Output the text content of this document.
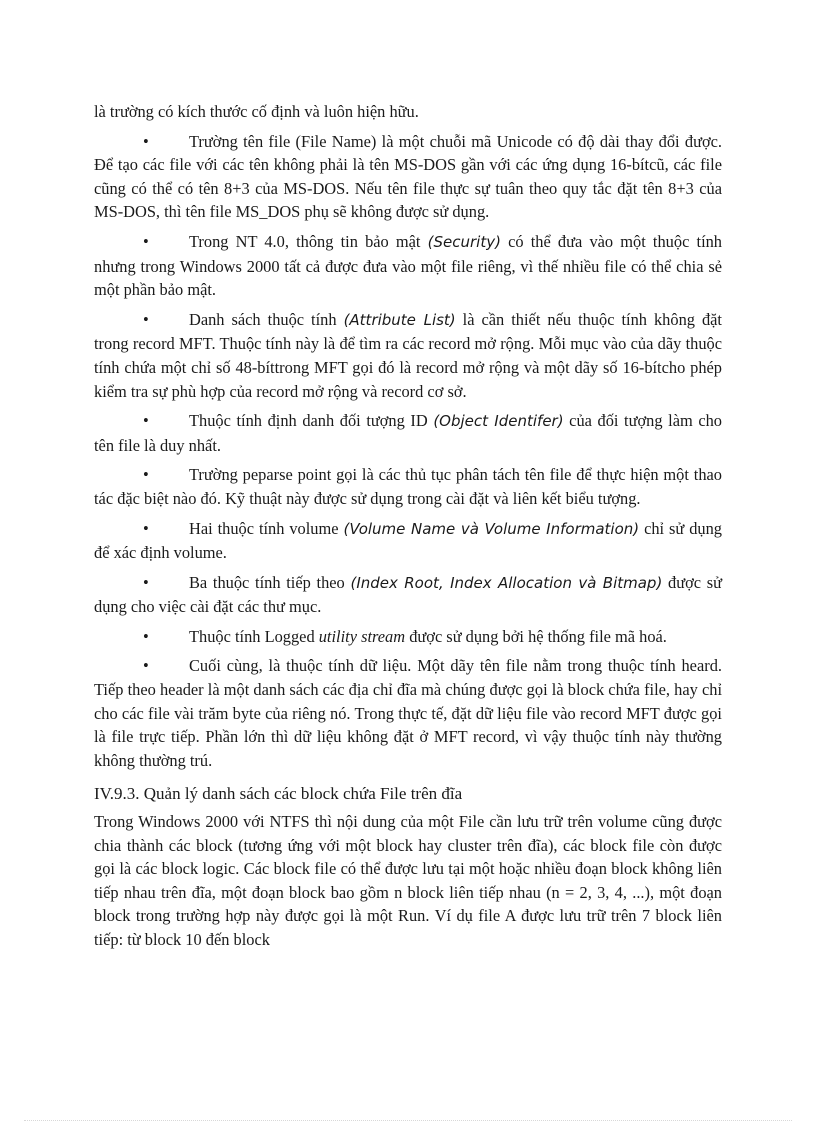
là trường có kích thước cố định và luôn hiện hữu.

• Trường tên file (File Name) là một chuỗi mã Unicode có độ dài thay đổi được. Để tạo các file với các tên không phải là tên MS-DOS gần với các ứng dụng 16-bítcũ, các file cũng có thể có tên 8+3 của MS-DOS. Nếu tên file thực sự tuân theo quy tắc đặt tên 8+3 của MS-DOS, thì tên file MS_DOS phụ sẽ không được sử dụng.

• Trong NT 4.0, thông tin bảo mật (Security) có thể đưa vào một thuộc tính nhưng trong Windows 2000 tất cả được đưa vào một file riêng, vì thế nhiều file có thể chia sẻ một phần bảo mật.

• Danh sách thuộc tính (Attribute List) là cần thiết nếu thuộc tính không đặt trong record MFT. Thuộc tính này là để tìm ra các record mở rộng. Mỗi mục vào của dãy thuộc tính chứa một chỉ số 48-bíttrong MFT gọi đó là record mở rộng và một dãy số 16-bítcho phép kiểm tra sự phù hợp của record mở rộng và record cơ sở.

• Thuộc tính định danh đối tượng ID (Object Identifer) của đối tượng làm cho tên file là duy nhất.

• Trường peparse point gọi là các thủ tục phân tách tên file để thực hiện một thao tác đặc biệt nào đó. Kỹ thuật này được sử dụng trong cài đặt và liên kết biểu tượng.

• Hai thuộc tính volume (Volume Name và Volume Information) chỉ sử dụng để xác định volume.

• Ba thuộc tính tiếp theo (Index Root, Index Allocation và Bitmap) được sử dụng cho việc cài đặt các thư mục.

• Thuộc tính Logged utility stream được sử dụng bởi hệ thống file mã hoá.

• Cuối cùng, là thuộc tính dữ liệu. Một dãy tên file nằm trong thuộc tính heard. Tiếp theo header là một danh sách các địa chỉ đĩa mà chúng được gọi là block chứa file, hay chỉ cho các file vài trăm byte của riêng nó. Trong thực tế, đặt dữ liệu file vào record MFT được gọi là file trực tiếp. Phần lớn thì dữ liệu không đặt ở MFT record, vì vậy thuộc tính này thường không thường trú.

IV.9.3. Quản lý danh sách các block chứa File trên đĩa

Trong Windows 2000 với NTFS thì nội dung của một File cần lưu trữ trên volume cũng được chia thành các block (tương ứng với một block hay cluster trên đĩa), các block file còn được gọi là các block logic. Các block file có thể được lưu tại một hoặc nhiều đoạn block không liên tiếp nhau trên đĩa, một đoạn block bao gồm n block liên tiếp nhau (n = 2, 3, 4, ...), một đoạn block trong trường hợp này được gọi là một Run. Ví dụ file A được lưu trữ trên 7 block liên tiếp: từ block 10 đến block
